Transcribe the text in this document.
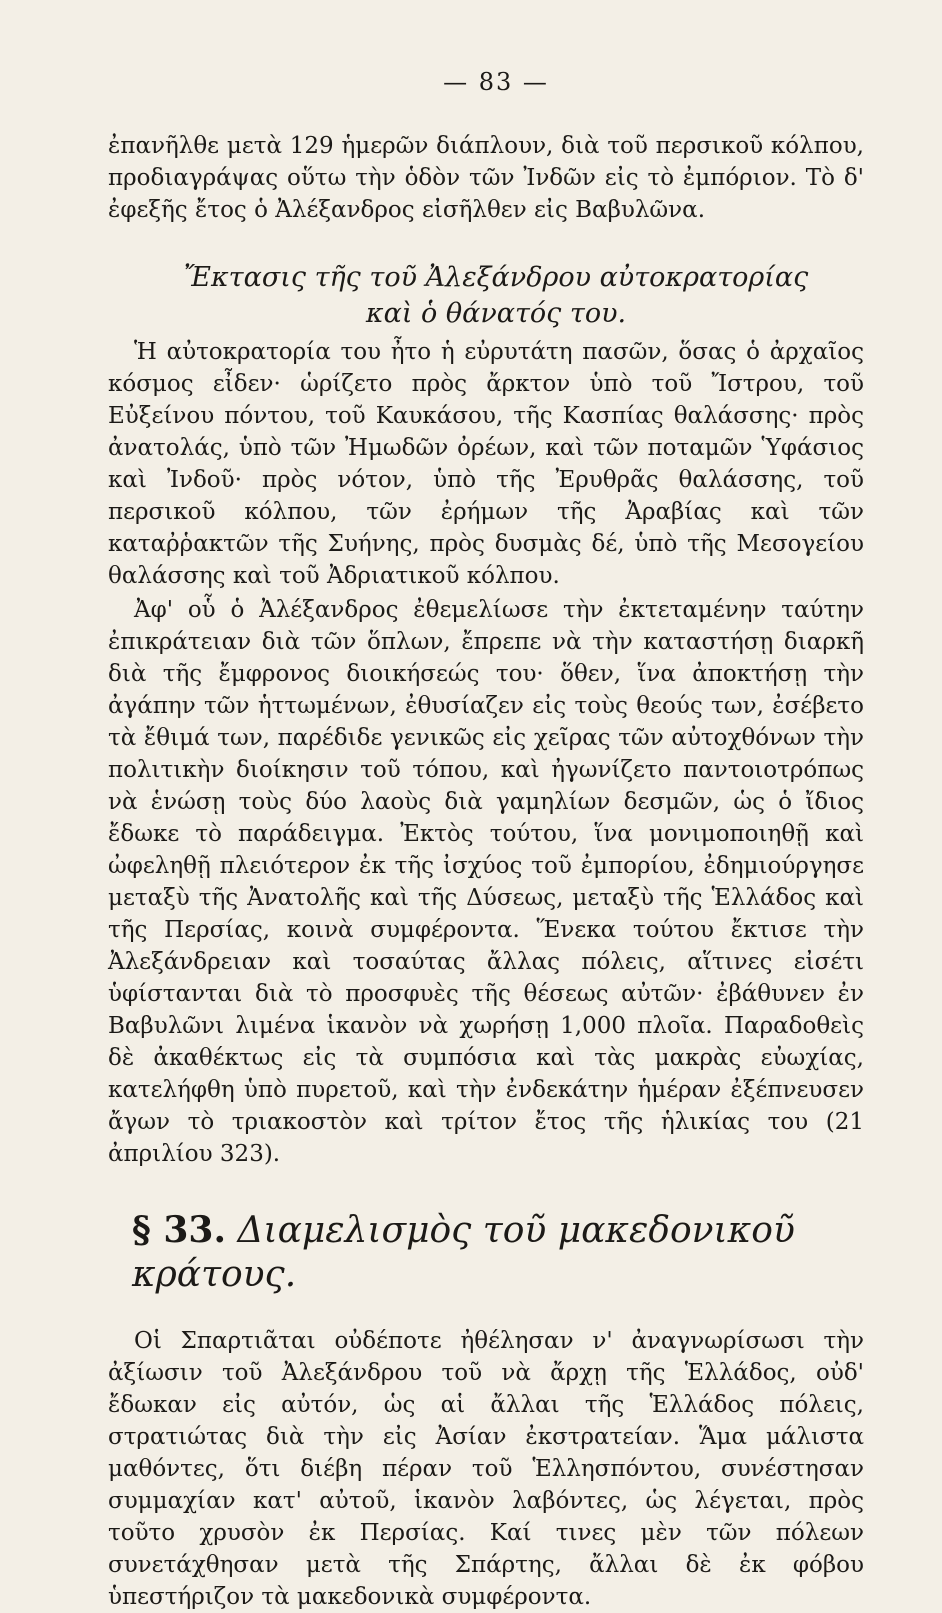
— 83 —

ἐπανῆλθε μετὰ 129 ἡμερῶν διάπλουν, διὰ τοῦ περσικοῦ κόλπου, προδιαγράψας οὕτω τὴν ὁδὸν τῶν Ἰνδῶν εἰς τὸ ἐμπόριον. Τὸ δ' ἐφεξῆς ἔτος ὁ Ἀλέξανδρος εἰσῆλθεν εἰς Βαβυλῶνα.

Ἔκτασις τῆς τοῦ Ἀλεξάνδρου αὐτοκρατορίας
καὶ ὁ θάνατός του.

Ἡ αὐτοκρατορία του ἦτο ἡ εὐρυτάτη πασῶν, ὅσας ὁ ἀρχαῖος κόσμος εἶδεν· ὡρίζετο πρὸς ἄρκτον ὑπὸ τοῦ Ἴστρου, τοῦ Εὐξείνου πόντου, τοῦ Καυκάσου, τῆς Κασπίας θαλάσσης· πρὸς ἀνατολάς, ὑπὸ τῶν Ἠμωδῶν ὀρέων, καὶ τῶν ποταμῶν Ὑφάσιος καὶ Ἰνδοῦ· πρὸς νότον, ὑπὸ τῆς Ἐρυθρᾶς θαλάσσης, τοῦ περσικοῦ κόλπου, τῶν ἐρήμων τῆς Ἀραβίας καὶ τῶν καταῤῥακτῶν τῆς Συήνης, πρὸς δυσμὰς δέ, ὑπὸ τῆς Μεσογείου θαλάσσης καὶ τοῦ Ἀδριατικοῦ κόλπου.

Ἀφ' οὗ ὁ Ἀλέξανδρος ἐθεμελίωσε τὴν ἐκτεταμένην ταύτην ἐπικράτειαν διὰ τῶν ὅπλων, ἔπρεπε νὰ τὴν καταστήσῃ διαρκῆ διὰ τῆς ἔμφρονος διοικήσεώς του· ὅθεν, ἵνα ἀποκτήσῃ τὴν ἀγάπην τῶν ἡττωμένων, ἐθυσίαζεν εἰς τοὺς θεούς των, ἐσέβετο τὰ ἔθιμά των, παρέδιδε γενικῶς εἰς χεῖρας τῶν αὐτοχθόνων τὴν πολιτικὴν διοίκησιν τοῦ τόπου, καὶ ἠγωνίζετο παντοιοτρόπως νὰ ἑνώσῃ τοὺς δύο λαοὺς διὰ γαμηλίων δεσμῶν, ὡς ὁ ἴδιος ἔδωκε τὸ παράδειγμα. Ἐκτὸς τούτου, ἵνα μονιμοποιηθῇ καὶ ὠφεληθῇ πλειότερον ἐκ τῆς ἰσχύος τοῦ ἐμπορίου, ἐδημιούργησε μεταξὺ τῆς Ἀνατολῆς καὶ τῆς Δύσεως, μεταξὺ τῆς Ἑλλάδος καὶ τῆς Περσίας, κοινὰ συμφέροντα. Ἕνεκα τούτου ἔκτισε τὴν Ἀλεξάνδρειαν καὶ τοσαύτας ἄλλας πόλεις, αἵτινες εἰσέτι ὑφίστανται διὰ τὸ προσφυὲς τῆς θέσεως αὐτῶν· ἐβάθυνεν ἐν Βαβυλῶνι λιμένα ἱκανὸν νὰ χωρήσῃ 1,000 πλοῖα. Παραδοθεὶς δὲ ἀκαθέκτως εἰς τὰ συμπόσια καὶ τὰς μακρὰς εὐωχίας, κατελήφθη ὑπὸ πυρετοῦ, καὶ τὴν ἐνδεκάτην ἡμέραν ἐξέπνευσεν ἄγων τὸ τριακοστὸν καὶ τρίτον ἔτος τῆς ἡλικίας του (21 ἀπριλίου 323).

§ 33. Διαμελισμὸς τοῦ μακεδονικοῦ κράτους.

Οἱ Σπαρτιᾶται οὐδέποτε ἠθέλησαν ν' ἀναγνωρίσωσι τὴν ἀξίωσιν τοῦ Ἀλεξάνδρου τοῦ νὰ ἄρχῃ τῆς Ἑλλάδος, οὐδ' ἔδωκαν εἰς αὐτόν, ὡς αἱ ἄλλαι τῆς Ἑλλάδος πόλεις, στρατιώτας διὰ τὴν εἰς Ἀσίαν ἐκστρατείαν. Ἅμα μάλιστα μαθόντες, ὅτι διέβη πέραν τοῦ Ἑλλησπόντου, συνέστησαν συμμαχίαν κατ' αὐτοῦ, ἱκανὸν λαβόντες, ὡς λέγεται, πρὸς τοῦτο χρυσὸν ἐκ Περσίας. Καί τινες μὲν τῶν πόλεων συνετάχθησαν μετὰ τῆς Σπάρτης, ἄλλαι δὲ ἐκ φόβου ὑπεστήριζον τὰ μακεδονικὰ συμφέροντα.
